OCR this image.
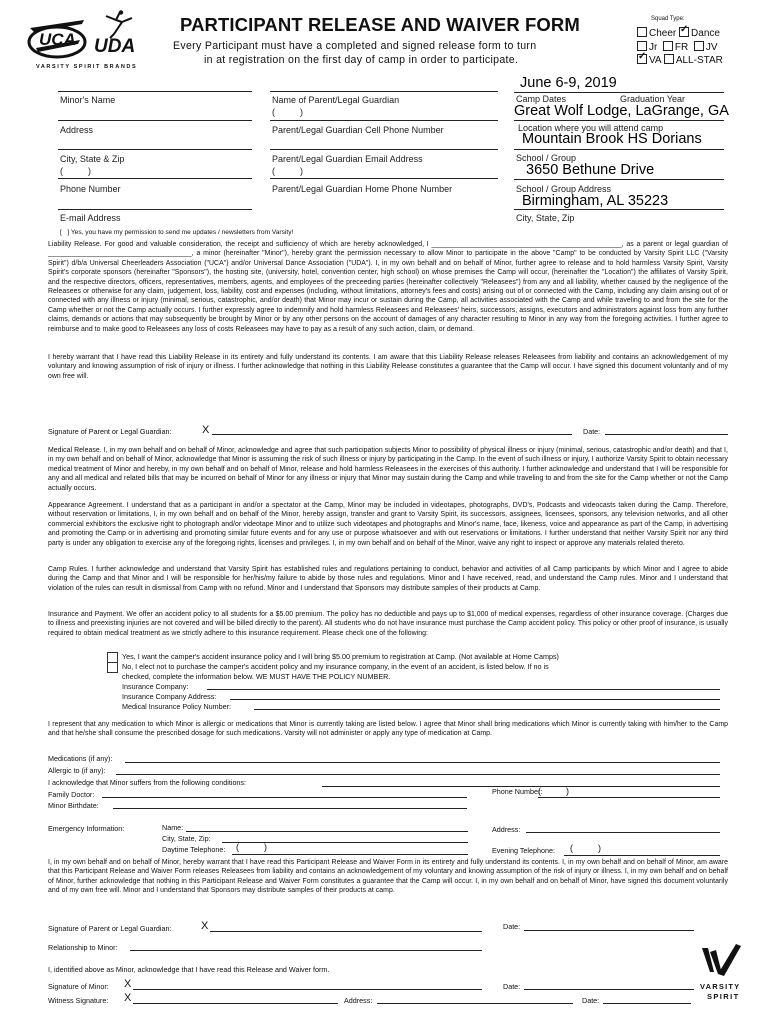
UCA UDA
VARSITY SPIRIT BRANDS
PARTICIPANT RELEASE AND WAIVER FORM
Every Participant must have a completed and signed release form to turn
in at registration on the first day of camp in order to participate.
Squad Type:
Cheer ✓ Dance
Jr FR JV
✓VA ALL-STAR
Minor's Name	Name of Parent/Legal Guardian
(          )
Address	Parent/Legal Guardian Cell Phone Number
City, State & Zip
(          )
Parent/Legal Guardian Email Address
(          )
Phone Number	Parent/Legal Guardian Home Phone Number
E-mail Address
[   ] Yes, you have my permission to send me updates / newsletters from Varsity!
June 6-9, 2019
Camp Dates	Graduation Year
Great Wolf Lodge, LaGrange, GA
Location where you will attend camp
Mountain Brook HS Dorians
School / Group
3650 Bethune Drive
School / Group Address
Birmingham, AL 35223
City, State, Zip
Liability Release. For good and valuable consideration, the receipt and sufficiency of which are hereby acknowledged, I _________________________________________________, as a parent or legal guardian of _____________________________________, a minor (hereinafter "Minor"), hereby grant the permission necessary to allow Minor to participate in the above "Camp" to be conducted by Varsity Spirit LLC ("Varsity Spirit") d/b/a Universal Cheerleaders Association ("UCA") and/or Universal Dance Association ("UDA"). I, in my own behalf and on behalf of Minor, further agree to release and to hold harmless Varsity Spirit, Varsity Spirit's corporate sponsors (hereinafter "Sponsors"), the hosting site, (university, hotel, convention center, high school) on whose premises the Camp will occur, (hereinafter the "Location") the affiliates of Varsity Spirit, and the respective directors, officers, representatives, members, agents, and employees of the preceeding parties (hereinafter collectively "Releasees") from any and all liability, whether caused by the negligence of the Releasees or otherwise for any claim, judgement, loss, liability, cost and expenses (including, without limitations, attorney's fees and costs) arising out of or connected with the Camp, including any claim arising out of or connected with any illness or injury (minimal, serious, catastrophic, and/or death) that Minor may incur or sustain during the Camp, all activities associated with the Camp and while traveling to and from the site for the Camp whether or not the Camp actually occurs. I further expressly agree to indemnify and hold harmless Releasees and Releasees' heirs, successors, assigns, executors and administrators against loss from any further claims, demands or actions that may subsequently be brought by Minor or by any other persons on the account of damages of any character resulting to Minor in any way from the foregoing activities. I further agree to reimburse and to make good to Releasees any loss of costs Releasees may have to pay as a result of any such action, claim, or demand.
I hereby warrant that I have read this Liability Release in its entirety and fully understand its contents. I am aware that this Liability Release releases Releasees from liability and contains an acknowledgement of my voluntary and knowing assumption of risk of injury or illness. I further acknowledge that nothing in this Liability Release constitutes a guarantee that the Camp will occur. I have signed this document voluntarily and of my own free will.
Signature of Parent or Legal Guardian:	X	Date:
Medical Release. I, in my own behalf and on behalf of Minor, acknowledge and agree that such participation subjects Minor to possibility of physical illness or injury (minimal, serious, catastrophic and/or death) and that I, in my own behalf and on behalf of Minor, acknowledge that Minor is assuming the risk of such illness or injury by participating in the Camp. In the event of such illness or injury, I authorize Varsity Spirit to obtain necessary medical treatment of Minor and hereby, in my own behalf and on behalf of Minor, release and hold harmless Releasees in the exercises of this authority. I further acknowledge and understand that I will be responsible for any and all medical and related bills that may be incurred on behalf of Minor for any illness or injury that Minor may sustain during the Camp and while traveling to and from the site for the Camp whether or not the Camp actually occurs.
Appearance Agreement. I understand that as a participant in and/or a spectator at the Camp, Minor may be included in videotapes, photographs, DVD's, Podcasts and videocasts taken during the Camp. Therefore, without reservation or limitations, I, in my own behalf and on behalf of the Minor, hereby assign, transfer and grant to Varsity Spirit, its successors, assignees, licensees, sponsors, any television networks, and all other commercial exhibitors the exclusive right to photograph and/or videotape Minor and to utilize such videotapes and photographs and Minor's name, face, likeness, voice and appearance as part of the Camp, in advertising and promoting the Camp or in advertising and promoting similar future events and for any use or purpose whatsoever and with out reservations or limitations. I further understand that neither Varsity Spirit nor any third party is under any obligation to exercise any of the foregoing rights, licenses and privileges. I, in my own behalf and on behalf of the Minor, waive any right to inspect or approve any materials related thereto.
Camp Rules. I further acknowledge and understand that Varsity Spirit has established rules and regulations pertaining to conduct, behavior and activities of all Camp participants by which Minor and I agree to abide during the Camp and that Minor and I will be responsible for her/his/my failure to abide by those rules and regulations. Minor and I have received, read, and understand the Camp rules. Minor and I understand that violation of the rules can result in dismissal from Camp with no refund. Minor and I understand that Sponsors may distribute samples of their products at Camp.
Insurance and Payment. We offer an accident policy to all students for a $5.00 premium. The policy has no deductible and pays up to $1,000 of medical expenses, regardless of other insurance coverage. (Charges due to illness and preexisting injuries are not covered and will be billed directly to the parent). All students who do not have insurance must purchase the Camp accident policy. This policy or other proof of insurance, is usually required to obtain medical treatment as we strictly adhere to this insurance requirement. Please check one of the following:
Yes, I want the camper's accident insurance policy and I will bring $5.00 premium to registration at Camp. (Not available at Home Camps)
No, I elect not to purchase the camper's accident policy and my insurance company, in the event of an accident, is listed below. If no is
checked, complete the information below. WE MUST HAVE THE POLICY NUMBER.
Insurance Company:
Insurance Company Address:
Medical Insurance Policy Number:
I represent that any medication to which Minor is allergic or medications that Minor is currently taking are listed below. I agree that Minor shall bring medications which Minor is currently taking with him/her to the Camp and that he/she shall consume the prescribed dosage for such medications. Varsity will not administer or apply any type of medication at Camp.
Medications (if any):
Allergic to (if any):
I acknowledge that Minor suffers from the following conditions:
Family Doctor:	Phone Number:
(          )
Minor Birthdate:
Emergency Information:	Name:
City, State, Zip:
Daytime Telephone: (          )
Address:
Evening Telephone: (          )
I, in my own behalf and on behalf of Minor, hereby warrant that I have read this Participant Release and Waiver Form in its entirety and fully understand its contents. I, in my own behalf and on behalf of Minor, am aware that this Participant Release and Waiver Form releases Releasees from liability and contains an acknowledgement of my voluntary and knowing assumption of the risk of injury or illness. I, in my own behalf and on behalf of Minor, further acknowledge that nothing in this Participant Release and Waiver Form constitutes a guarantee that the Camp will occur. I, in my own behalf and on behalf of Minor, have signed this document voluntarily and of my own free will. Minor and I understand that Sponsors may distribute samples of their products at camp.
Signature of Parent or Legal Guardian:	X	Date:
Relationship to Minor:
I, identified above as Minor, acknowledge that I have read this Release and Waiver form.
Signature of Minor: X	Date:
Witness Signature: X	Address:	Date:
VARSITY
SPIRIT
